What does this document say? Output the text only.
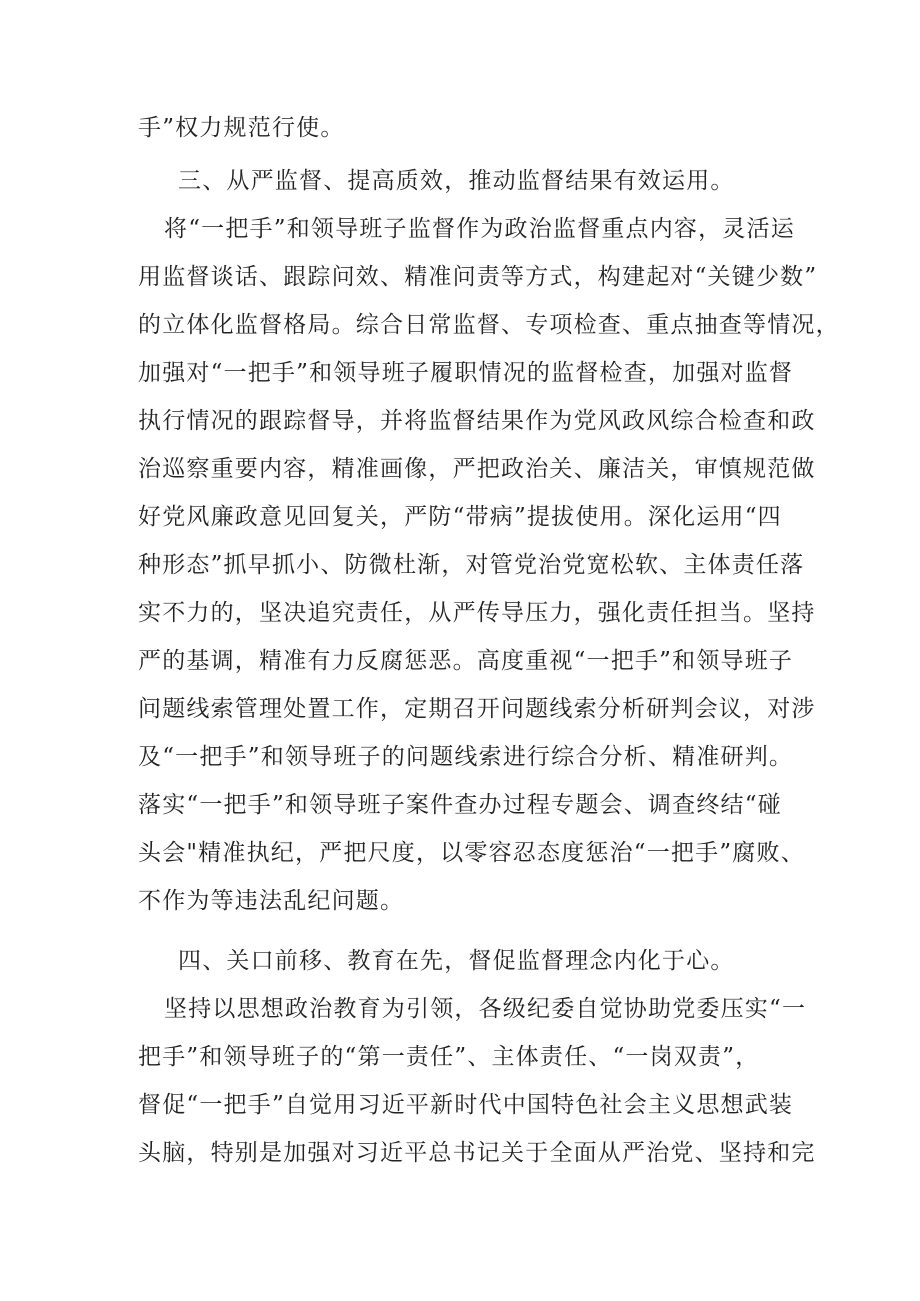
手”权力规范行使。

三、从严监督、提高质效，推动监督结果有效运用。

将“一把手”和领导班子监督作为政治监督重点内容，灵活运

用监督谈话、跟踪问效、精准问责等方式，构建起对“关键少数”

的立体化监督格局。综合日常监督、专项检查、重点抽查等情况，

加强对“一把手”和领导班子履职情况的监督检查，加强对监督

执行情况的跟踪督导，并将监督结果作为党风政风综合检查和政

治巡察重要内容，精准画像，严把政治关、廉洁关，审慎规范做

好党风廉政意见回复关，严防“带病”提拔使用。深化运用“四

种形态”抓早抓小、防微杜渐，对管党治党宽松软、主体责任落

实不力的，坚决追究责任，从严传导压力，强化责任担当。坚持

严的基调，精准有力反腐惩恶。高度重视“一把手”和领导班子

问题线索管理处置工作，定期召开问题线索分析研判会议，对涉

及“一把手”和领导班子的问题线索进行综合分析、精准研判。

落实“一把手”和领导班子案件查办过程专题会、调查终结“碰

头会"精准执纪，严把尺度，以零容忍态度惩治“一把手”腐败、

不作为等违法乱纪问题。

四、关口前移、教育在先，督促监督理念内化于心。

坚持以思想政治教育为引领，各级纪委自觉协助党委压实“一

把手”和领导班子的“第一责任”、主体责任、“一岗双责”，

督促“一把手”自觉用习近平新时代中国特色社会主义思想武装

头脑，特别是加强对习近平总书记关于全面从严治党、坚持和完
